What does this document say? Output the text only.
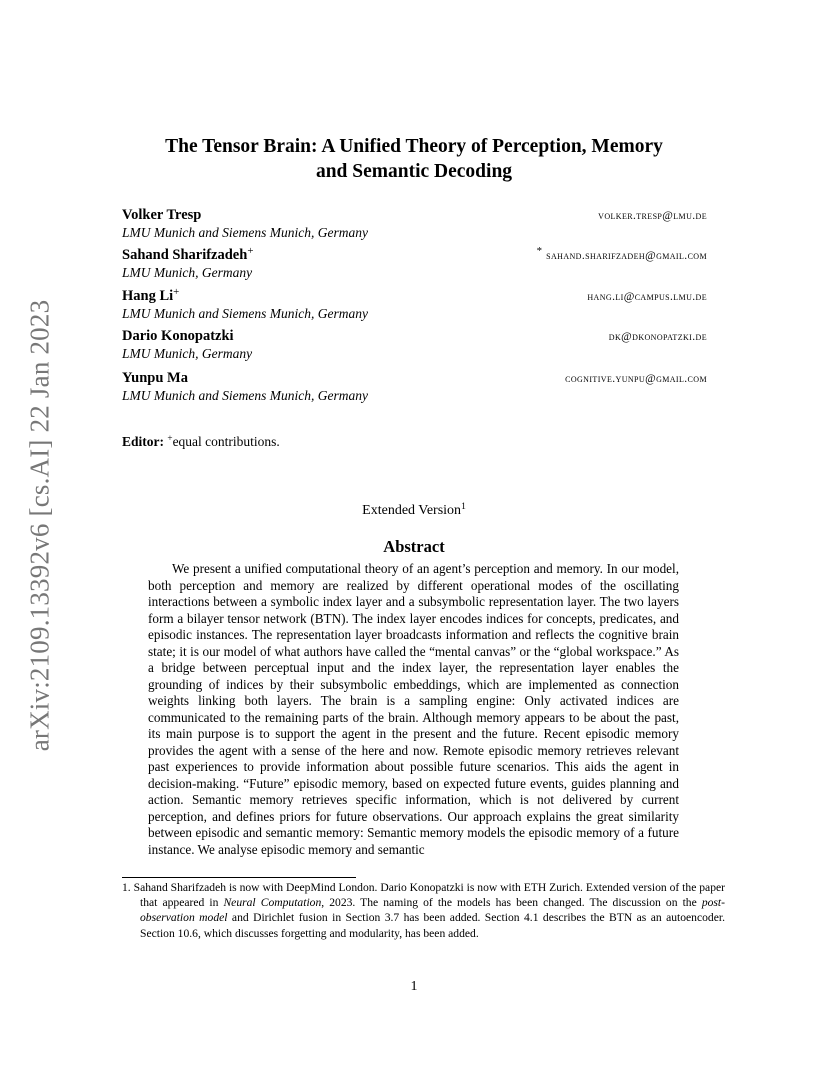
arXiv:2109.13392v6 [cs.AI] 22 Jan 2023
The Tensor Brain: A Unified Theory of Perception, Memory
and Semantic Decoding
Volker Tresp	volker.tresp@lmu.de
LMU Munich and Siemens Munich, Germany
Sahand Sharifzadeh+	* sahand.sharifzadeh@gmail.com
LMU Munich, Germany
Hang Li+	hang.li@campus.lmu.de
LMU Munich and Siemens Munich, Germany
Dario Konopatzki	dk@dkonopatzki.de
LMU Munich, Germany
Yunpu Ma	cognitive.yunpu@gmail.com
LMU Munich and Siemens Munich, Germany
Editor: +equal contributions.
Extended Version$^1$
Abstract

We present a unified computational theory of an agent’s perception and memory. In our model, both perception and memory are realized by different operational modes of the oscillating interactions between a symbolic index layer and a subsymbolic representation layer. The two layers form a bilayer tensor network (BTN). The index layer encodes indices for concepts, predicates, and episodic instances. The representation layer broadcasts information and reflects the cognitive brain state; it is our model of what authors have called the “mental canvas” or the “global workspace.” As a bridge between perceptual input and the index layer, the representation layer enables the grounding of indices by their subsymbolic embeddings, which are implemented as connection weights linking both layers. The brain is a sampling engine: Only activated indices are communicated to the remaining parts of the brain. Although memory appears to be about the past, its main purpose is to support the agent in the present and the future. Recent episodic memory provides the agent with a sense of the here and now. Remote episodic memory retrieves relevant past experiences to provide information about possible future scenarios. This aids the agent in decision-making. “Future” episodic memory, based on expected future events, guides planning and action. Semantic memory retrieves specific information, which is not delivered by current perception, and defines priors for future observations. Our approach explains the great similarity between episodic and semantic memory: Semantic memory models the episodic memory of a future instance. We analyse episodic memory and semantic

1. Sahand Sharifzadeh is now with DeepMind London. Dario Konopatzki is now with ETH Zurich. Extended version of the paper that appeared in Neural Computation, 2023. The naming of the models has been changed. The discussion on the post-observation model and Dirichlet fusion in Section 3.7 has been added. Section 4.1 describes the BTN as an autoencoder. Section 10.6, which discusses forgetting and modularity, has been added.

1
